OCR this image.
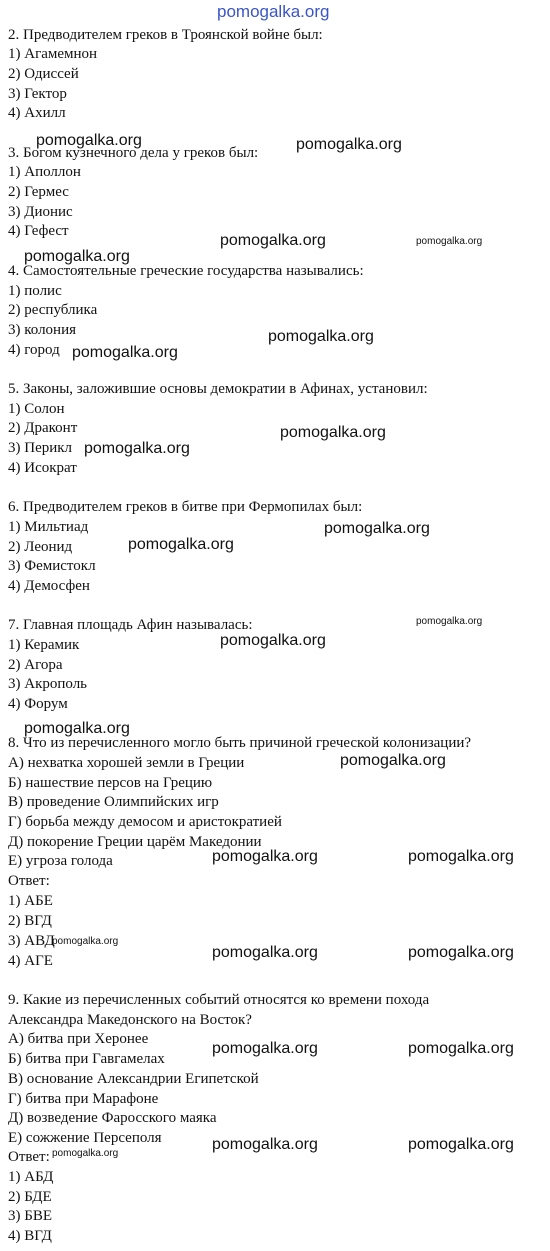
pomogalka.org
2. Предводителем греков в Троянской войне был:
1) Агамемнон
2) Одиссей
3) Гектор
4) Ахилл
3. Богом кузнечного дела у греков был:
1) Аполлон
2) Гермес
3) Дионис
4) Гефест
4. Самостоятельные греческие государства назывались:
1) полис
2) республика
3) колония
4) город
5. Законы, заложившие основы демократии в Афинах, установил:
1) Солон
2) Драконт
3) Перикл
4) Исократ
6. Предводителем греков в битве при Фермопилах был:
1) Мильтиад
2) Леонид
3) Фемистокл
4) Демосфен
7. Главная площадь Афин называлась:
1) Керамик
2) Агора
3) Акрополь
4) Форум
8. Что из перечисленного могло быть причиной греческой колонизации?
А) нехватка хорошей земли в Греции
Б) нашествие персов на Грецию
В) проведение Олимпийских игр
Г) борьба между демосом и аристократией
Д) покорение Греции царём Македонии
Е) угроза голода
Ответ:
1) АБЕ
2) ВГД
3) АВД
4) АГЕ
9. Какие из перечисленных событий относятся ко времени похода
Александра Македонского на Восток?
А) битва при Херонее
Б) битва при Гавгамелах
В) основание Александрии Египетской
Г) битва при Марафоне
Д) возведение Фаросского маяка
Е) сожжение Персеполя
Ответ:
1) АБД
2) БДЕ
3) БВЕ
4) ВГД
pomogalka.org	pomogalka.org
pomogalka.org	pomogalka.org
pomogalka.org
pomogalka.org
pomogalka.org
pomogalka.org
pomogalka.org
pomogalka.org
pomogalka.org
pomogalka.org
pomogalka.org
pomogalka.org
pomogalka.org
pomogalka.org	pomogalka.org
pomogalka.org
pomogalka.org	pomogalka.org
pomogalka.org	pomogalka.org
pomogalka.org	pomogalka.org
pomogalka.org
